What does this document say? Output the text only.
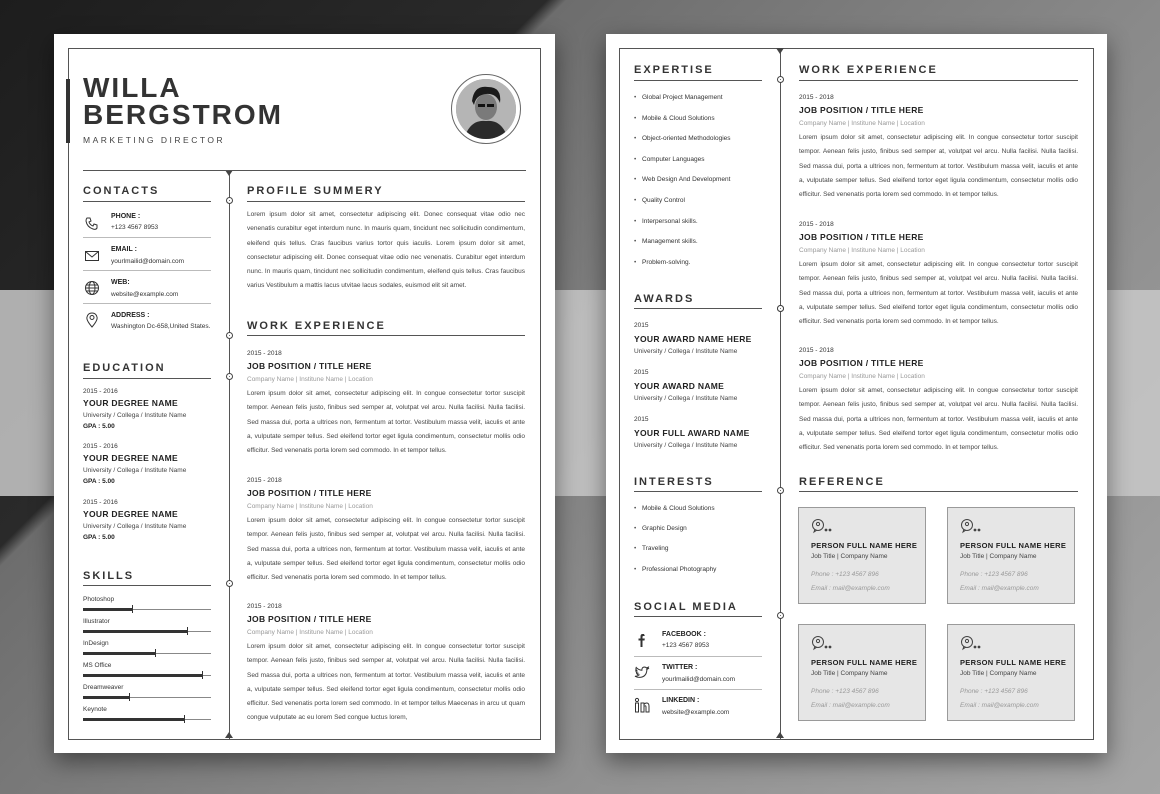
WILLA
BERGSTROM
MARKETING DIRECTOR
CONTACTS
PHONE :
+123 4567 8953
EMAIL :
yourlmailid@domain.com
WEB:
website@example.com
ADDRESS :
Washington Dc-658,United States.
EDUCATION
2015 - 2016
YOUR DEGREE NAME
University / Collega / Institute Name
GPA : 5.00
2015 - 2016
YOUR DEGREE NAME
University / Collega / Institute Name
GPA : 5.00
2015 - 2016
YOUR DEGREE NAME
University / Collega / Institute Name
GPA : 5.00
SKILLS
Photoshop
Illustrator
InDesign
MS Office
Dreamweaver
Keynote
PROFILE SUMMERY
Lorem ipsum dolor sit amet, consectetur adipiscing elit. Donec consequat vitae odio nec venenatis curabitur eget interdum nunc. In mauris quam, tincidunt nec sollicitudin condimentum, eleifend quis tellus. Cras faucibus varius tortor quis iaculis. Lorem ipsum dolor sit amet, consectetur adipiscing elit. Donec consequat vitae odio nec venenatis. Curabitur eget interdum nunc. In mauris quam, tincidunt nec sollicitudin condimentum, eleifend quis tellus. Cras faucibus varius Vestibulum a mattis lacus utvitae lacus sodales, euismod elit sit amet.
WORK EXPERIENCE
2015 - 2018
JOB POSITION / TITLE HERE
Company Name | Institune Name | Location
Lorem ipsum dolor sit amet, consectetur adipiscing elit. In congue consectetur tortor suscipit tempor. Aenean felis justo, finibus sed semper at, volutpat vel arcu. Nulla facilisi. Nulla facilisi. Sed massa dui, porta a ultrices non, fermentum at tortor. Vestibulum massa velit, iaculis et ante a, vulputate semper tellus. Sed eleifend tortor eget ligula condimentum, consectetur mollis odio efficitur. Sed venenatis porta lorem sed commodo. In et tempor tellus.
2015 - 2018
JOB POSITION / TITLE HERE
Company Name | Institune Name | Location
Lorem ipsum dolor sit amet, consectetur adipiscing elit. In congue consectetur tortor suscipit tempor. Aenean felis justo, finibus sed semper at, volutpat vel arcu. Nulla facilisi. Nulla facilisi. Sed massa dui, porta a ultrices non, fermentum at tortor. Vestibulum massa velit, iaculis et ante a, vulputate semper tellus. Sed eleifend tortor eget ligula condimentum, consectetur mollis odio efficitur. Sed venenatis porta lorem sed commodo. In et tempor tellus.
2015 - 2018
JOB POSITION / TITLE HERE
Company Name | Institune Name | Location
Lorem ipsum dolor sit amet, consectetur adipiscing elit. In congue consectetur tortor suscipit tempor. Aenean felis justo, finibus sed semper at, volutpat vel arcu. Nulla facilisi. Nulla facilisi. Sed massa dui, porta a ultrices non, fermentum at tortor. Vestibulum massa velit, iaculis et ante a, vulputate semper tellus. Sed eleifend tortor eget ligula condimentum, consectetur mollis odio efficitur. Sed venenatis porta lorem sed commodo. In et tempor tellus Maecenas in arcu ut quam congue vulputate ac eu lorem Sed congue luctus lorem,
EXPERTISE
• Global Project Management
• Mobile & Cloud Solutions
• Object-oriented Methodologies
• Computer Languages
• Web Design And Development
• Quality Control
• Interpersonal skills.
• Management skills.
• Problem-solving.
AWARDS
2015
YOUR AWARD NAME HERE
University / Collega / Institute Name
2015
YOUR AWARD NAME
University / Collega / Institute Name
2015
YOUR FULL AWARD NAME
University / Collega / Institute Name
INTERESTS
• Mobile & Cloud Solutions
• Graphic Design
• Traveling
• Professional Photography
SOCIAL MEDIA
FACEBOOK :
+123 4567 8953
TWITTER :
yourlmailid@domain.com
LINKEDIN :
website@example.com
WORK EXPERIENCE
2015 - 2018
JOB POSITION / TITLE HERE
Company Name | Institune Name | Location
Lorem ipsum dolor sit amet, consectetur adipiscing elit. In congue consectetur tortor suscipit tempor. Aenean felis justo, finibus sed semper at, volutpat vel arcu. Nulla facilisi. Nulla facilisi. Sed massa dui, porta a ultrices non, fermentum at tortor. Vestibulum massa velit, iaculis et ante a, vulputate semper tellus. Sed eleifend tortor eget ligula condimentum, consectetur mollis odio efficitur. Sed venenatis porta lorem sed commodo. In et tempor tellus.
2015 - 2018
JOB POSITION / TITLE HERE
Company Name | Institune Name | Location
Lorem ipsum dolor sit amet, consectetur adipiscing elit. In congue consectetur tortor suscipit tempor. Aenean felis justo, finibus sed semper at, volutpat vel arcu. Nulla facilisi. Nulla facilisi. Sed massa dui, porta a ultrices non, fermentum at tortor. Vestibulum massa velit, iaculis et ante a, vulputate semper tellus. Sed eleifend tortor eget ligula condimentum, consectetur mollis odio efficitur. Sed venenatis porta lorem sed commodo. In et tempor tellus.
2015 - 2018
JOB POSITION / TITLE HERE
Company Name | Institune Name | Location
Lorem ipsum dolor sit amet, consectetur adipiscing elit. In congue consectetur tortor suscipit tempor. Aenean felis justo, finibus sed semper at, volutpat vel arcu. Nulla facilisi. Nulla facilisi. Sed massa dui, porta a ultrices non, fermentum at tortor. Vestibulum massa velit, iaculis et ante a, vulputate semper tellus. Sed eleifend tortor eget ligula condimentum, consectetur mollis odio efficitur. Sed venenatis porta lorem sed commodo. In et tempor tellus.
REFERENCE
PERSON FULL NAME HERE
Job Title | Company Name
Phone : +123 4567 896
Email : mail@example.com
PERSON FULL NAME HERE
Job Title | Company Name
Phone : +123 4567 896
Email : mail@example.com
PERSON FULL NAME HERE
Job Title | Company Name
Phone : +123 4567 896
Email : mail@example.com
PERSON FULL NAME HERE
Job Title | Company Name
Phone : +123 4567 896
Email : mail@example.com
